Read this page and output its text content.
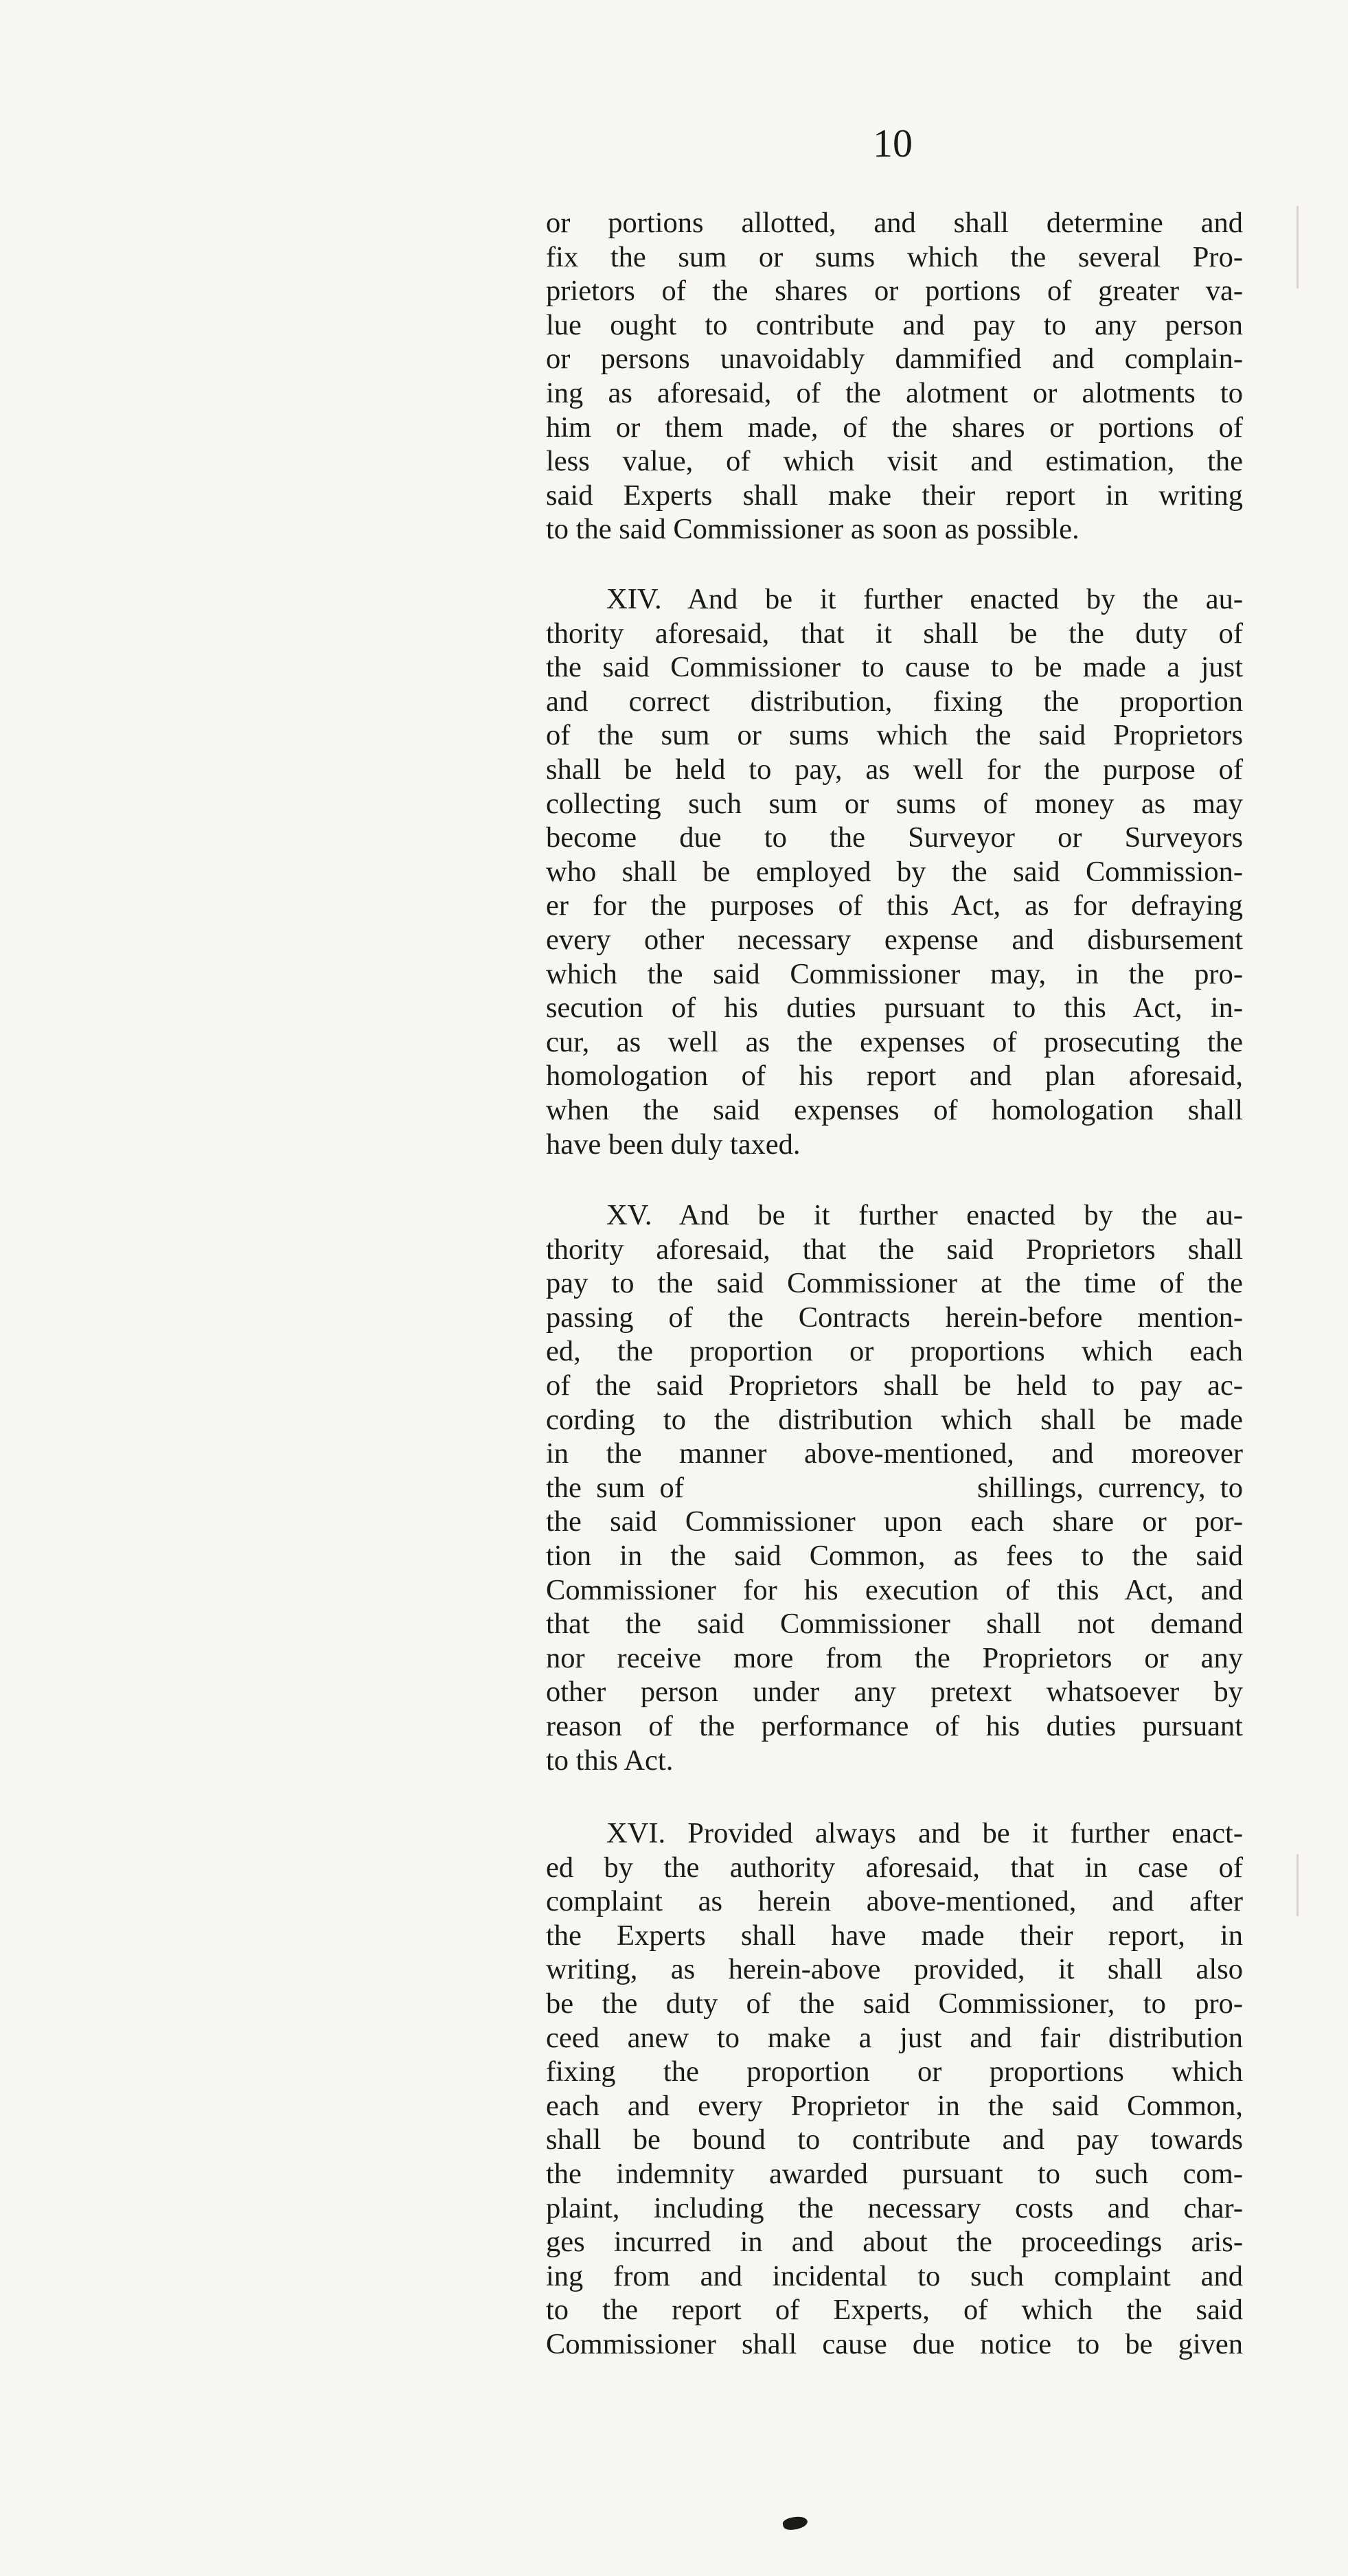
10
or portions allotted, and shall determine and
fix the sum or sums which the several Pro-
prietors of the shares or portions of greater va-
lue ought to contribute and pay to any person
or persons unavoidably dammified and complain-
ing as aforesaid, of the alotment or alotments to
him or them made, of the shares or portions of
less value, of which visit and estimation, the
said Experts shall make their report in writing
to the said Commissioner as soon as possible.
XIV. And be it further enacted by the au-
thority aforesaid, that it shall be the duty of
the said Commissioner to cause to be made a just
and correct distribution, fixing the proportion
of the sum or sums which the said Proprietors
shall be held to pay, as well for the purpose of
collecting such sum or sums of money as may
become due to the Surveyor or Surveyors
who shall be employed by the said Commission-
er for the purposes of this Act, as for defraying
every other necessary expense and disbursement
which the said Commissioner may, in the pro-
secution of his duties pursuant to this Act, in-
cur, as well as the expenses of prosecuting the
homologation of his report and plan aforesaid,
when the said expenses of homologation shall
have been duly taxed.
XV. And be it further enacted by the au-
thority aforesaid, that the said Proprietors shall
pay to the said Commissioner at the time of the
passing of the Contracts herein-before mention-
ed, the proportion or proportions which each
of the said Proprietors shall be held to pay ac-
cording to the distribution which shall be made
in the manner above-mentioned, and moreover
the sum of                    shillings, currency, to
the said Commissioner upon each share or por-
tion in the said Common, as fees to the said
Commissioner for his execution of this Act, and
that the said Commissioner shall not demand
nor receive more from the Proprietors or any
other person under any pretext whatsoever by
reason of the performance of his duties pursuant
to this Act.
XVI. Provided always and be it further enact-
ed by the authority aforesaid, that in case of
complaint as herein above-mentioned, and after
the Experts shall have made their report, in
writing, as herein-above provided, it shall also
be the duty of the said Commissioner, to pro-
ceed anew to make a just and fair distribution
fixing the proportion or proportions which
each and every Proprietor in the said Common,
shall be bound to contribute and pay towards
the indemnity awarded pursuant to such com-
plaint, including the necessary costs and char-
ges incurred in and about the proceedings aris-
ing from and incidental to such complaint and
to the report of Experts, of which the said
Commissioner shall cause due notice to be given
